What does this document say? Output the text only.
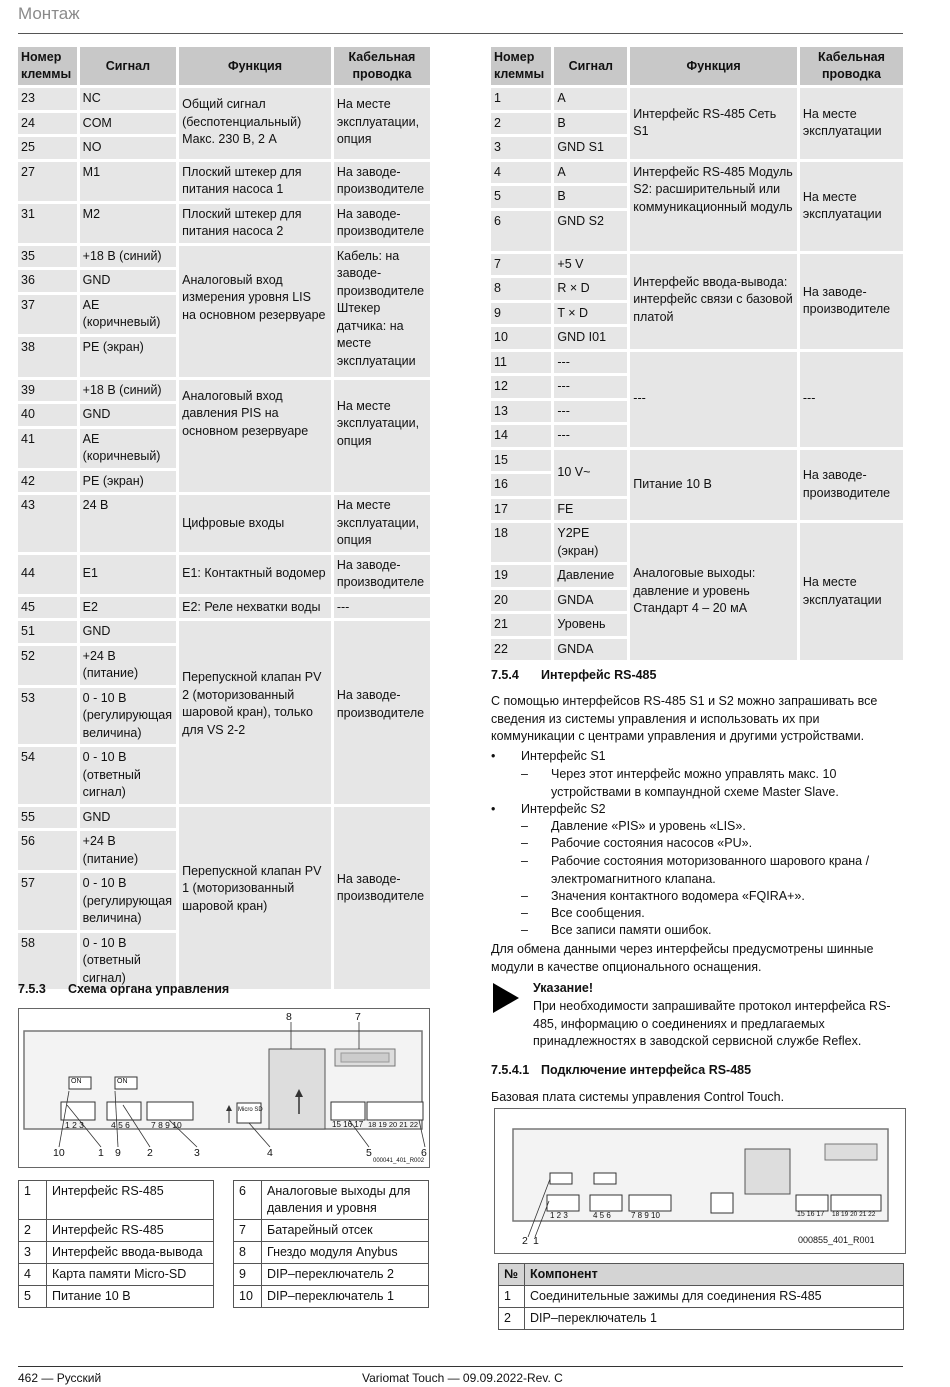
Монтаж
Номер клеммы	Сигнал	Функция	Кабельная проводка
23	NC	Общий сигнал (беспотенциальный) Макс. 230 В, 2 A	На месте эксплуатации, опция
24	COM		
25	NO		
27	M1	Плоский штекер для питания насоса 1	На заводе-производителе
31	M2	Плоский штекер для питания насоса 2	На заводе-производителе
35	+18 В (синий)	Аналоговый вход измерения уровня LIS на основном резервуаре	Кабель: на заводе-производителе Штекер датчика: на месте эксплуатации
36	GND		
37	AE (коричневый)		
38	PE (экран)		
39	+18 В (синий)	Аналоговый вход давления PIS на основном резервуаре	На месте эксплуатации, опция
40	GND		
41	AE (коричневый)		
42	PE (экран)		
43	24 В	Цифровые входы	На месте эксплуатации, опция
44	E1	E1: Контактный водомер	На заводе-производителе
45	E2	E2: Реле нехватки воды	---
51	GND	Перепускной клапан PV 2 (моторизованный шаровой кран), только для VS 2-2	На заводе-производителе
52	+24 В (питание)		
53	0 - 10 В (регулирующая величина)		
54	0 - 10 В (ответный сигнал)		
55	GND	Перепускной клапан PV 1 (моторизованный шаровой кран)	На заводе-производителе
56	+24 В (питание)		
57	0 - 10 В (регулирующая величина)		
58	0 - 10 В (ответный сигнал)		
Номер клеммы	Сигнал	Функция	Кабельная проводка
1	A	Интерфейс RS-485 Сеть S1	На месте эксплуатации
2	B		
3	GND S1		
4	A	Интерфейс RS-485 Модуль S2: расширительный или коммуникационный модуль	На месте эксплуатации
5	B		
6	GND S2		
7	+5 V	Интерфейс ввода-вывода: интерфейс связи с базовой платой	На заводе-производителе
8	R × D		
9	T × D		
10	GND I01		
11	---	---	---
12	---		
13	---		
14	---		
15	10 V~	Питание 10 В	На заводе-производителе
16			
17	FE		
18	Y2PE (экран)	Аналоговые выходы: давление и уровень Стандарт 4 – 20 мА	На месте эксплуатации
19	Давление		
20	GNDA		
21	Уровень		
22	GNDA		
7.5.3 Схема органа управления
8	7
ON	ON
1 2 3	4 5 6 7 8 9 10	15 16 17 18 19 20 21 22
Micro SD
10	1 9 2	3	4	5	6
000041_401_R002
1	Интерфейс RS-485
2	Интерфейс RS-485
3	Интерфейс ввода-вывода
4	Карта памяти Micro-SD
5	Питание 10 В
6	Аналоговые выходы для давления и уровня
7	Батарейный отсек
8	Гнездо модуля Anybus
9	DIP–переключатель 2
10	DIP–переключатель 1
7.5.4 Интерфейс RS-485
С помощью интерфейсов RS-485 S1 и S2 можно запрашивать все сведения из системы управления и использовать их при коммуникации с центрами управления и другими устройствами.
• Интерфейс S1
– Через этот интерфейс можно управлять макс. 10 устройствами в компаундной схеме Master Slave.
• Интерфейс S2
– Давление «PIS» и уровень «LIS».
– Рабочие состояния насосов «PU».
– Рабочие состояния моторизованного шарового крана / электромагнитного клапана.
– Значения контактного водомера «FQIRA+».
– Все сообщения.
– Все записи памяти ошибок.
Для обмена данными через интерфейсы предусмотрены шинные модули в качестве опционального оснащения.
Указание!
При необходимости запрашивайте протокол интерфейса RS-485, информацию о соединениях и предлагаемых принадлежностях в заводской сервисной службе Reflex.
7.5.4.1 Подключение интерфейса RS-485
Базовая плата системы управления Control Touch.
1 2 3	4 5 6	7 8 9 10	15 16 17 18 19 20 21 22
2 1	000855_401_R001
№	Компонент
1	Соединительные зажимы для соединения RS-485
2	DIP–переключатель 1
462 — Русский	Variomat Touch — 09.09.2022-Rev. C
